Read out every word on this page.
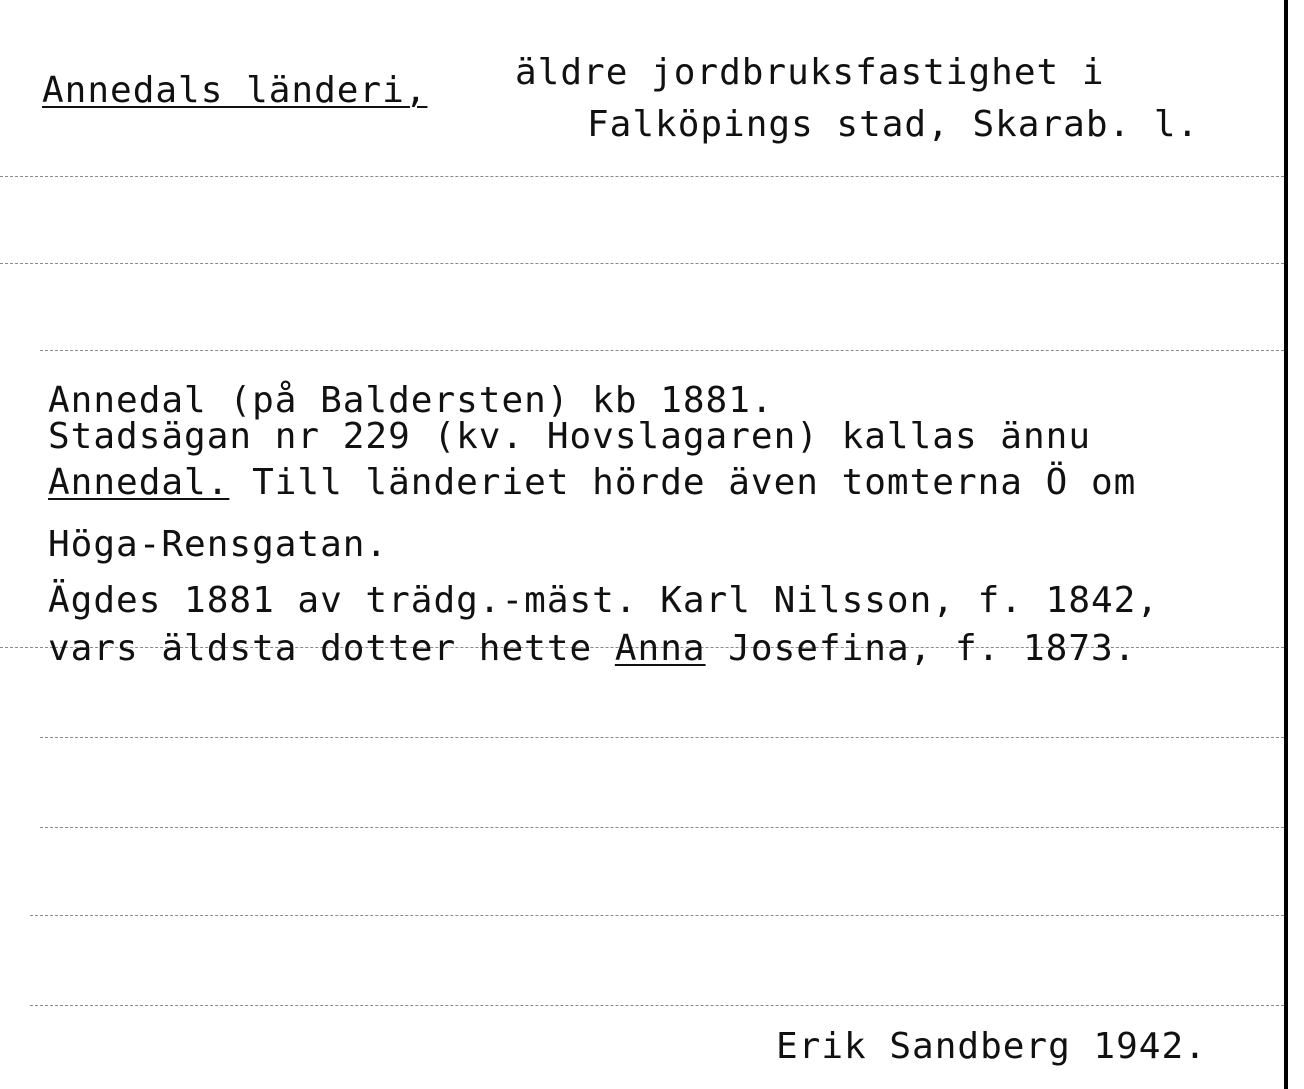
Annedals länderi, äldre jordbruksfastighet i
Falköpings stad, Skarab. l.
Annedal (på Baldersten) kb 1881.
Stadsägan nr 229 (kv. Hovslagaren) kallas ännu
Annedal. Till länderiet hörde även tomterna Ö om
Höga-Rensgatan.
Ägdes 1881 av trädg.-mäst. Karl Nilsson, f. 1842,
vars äldsta dotter hette Anna Josefina, f. 1873.
Erik Sandberg 1942.
